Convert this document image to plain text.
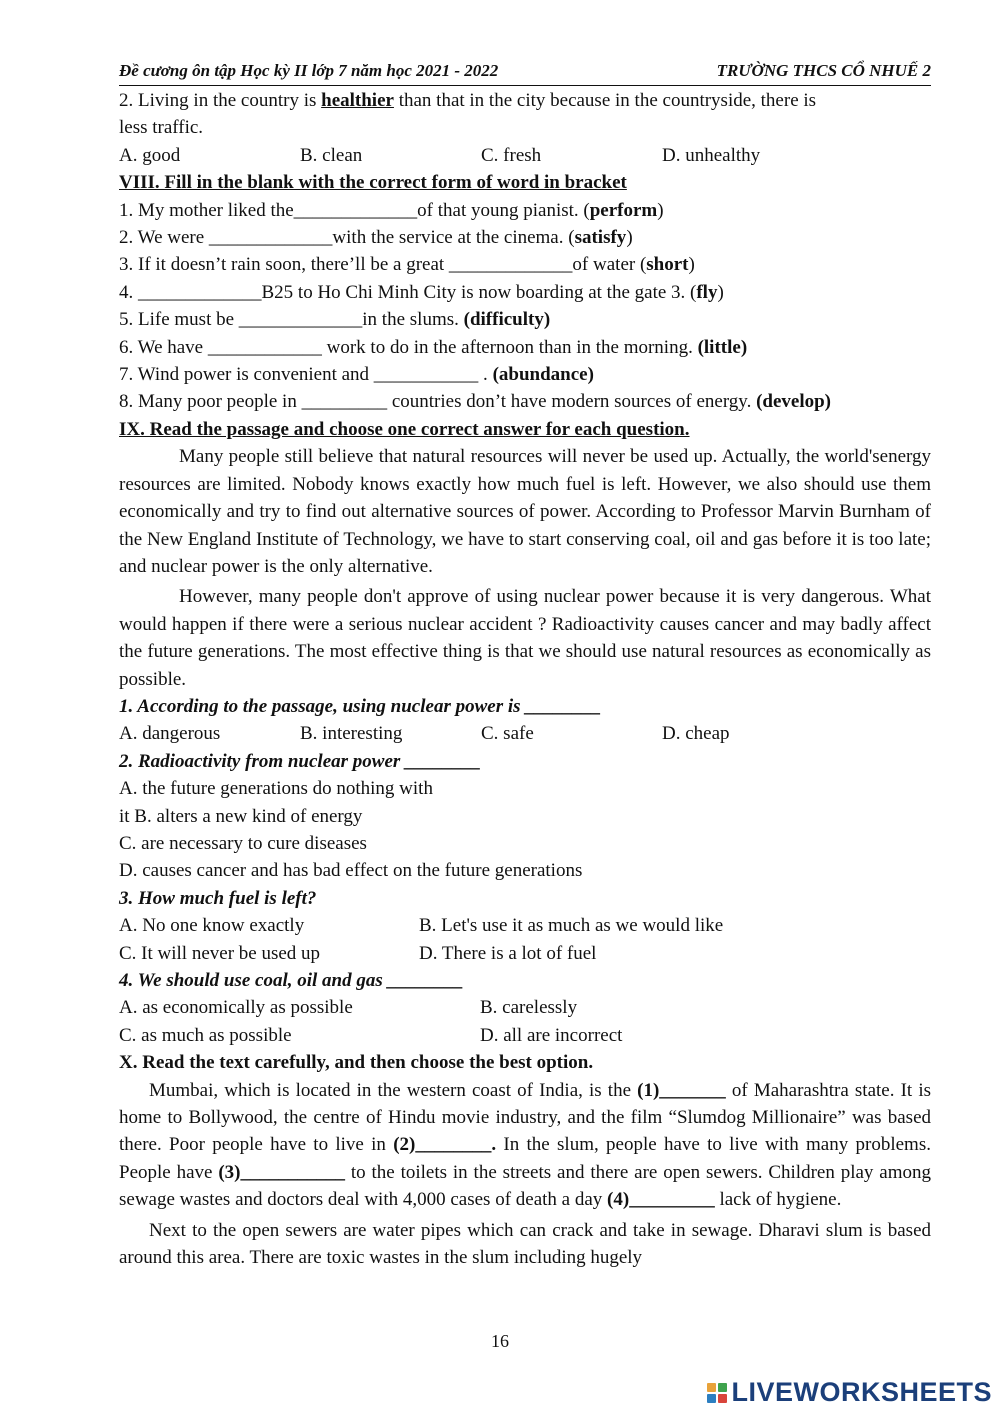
Đề cương ôn tập Học kỳ II lớp 7 năm học 2021 - 2022	TRƯỜNG THCS CỔ NHUẾ 2
2. Living in the country is healthier than that in the city because in the countryside, there is
less traffic.
A. good	B. clean	C. fresh	D. unhealthy
VIII. Fill in the blank with the correct form of word in bracket
1. My mother liked the_____________of that young pianist. (perform)
2. We were _____________with the service at the cinema. (satisfy)
3. If it doesn’t rain soon, there’ll be a great _____________of water (short)
4. _____________B25 to Ho Chi Minh City is now boarding at the gate 3. (fly)
5. Life must be _____________in the slums. (difficulty)
6. We have ____________ work to do in the afternoon than in the morning. (little)
7. Wind power is convenient and ___________ . (abundance)
8. Many poor people in _________ countries don’t have modern sources of energy. (develop)
IX. Read the passage and choose one correct answer for each question.

Many people still believe that natural resources will never be used up. Actually, the world'senergy resources are limited. Nobody knows exactly how much fuel is left. However, we also should use them economically and try to find out alternative sources of power. According to Professor Marvin Burnham of the New England Institute of Technology, we have to start conserving coal, oil and gas before it is too late; and nuclear power is the only alternative.

However, many people don't approve of using nuclear power because it is very dangerous. What would happen if there were a serious nuclear accident ? Radioactivity causes cancer and may badly affect the future generations. The most effective thing is that we should use natural resources as economically as possible.

1. According to the passage, using nuclear power is ________
A. dangerous	B. interesting	C. safe	D. cheap
2. Radioactivity from nuclear power ________
A. the future generations do nothing with
it B. alters a new kind of energy
C. are necessary to cure diseases
D. causes cancer and has bad effect on the future generations
3. How much fuel is left?
A. No one know exactly	B. Let's use it as much as we would like
C. It will never be used up	D. There is a lot of fuel
4. We should use coal, oil and gas ________
A. as economically as possible	B. carelessly
C. as much as possible	D. all are incorrect
X. Read the text carefully, and then choose the best option.

Mumbai, which is located in the western coast of India, is the (1)_______ of Maharashtra state. It is home to Bollywood, the centre of Hindu movie industry, and the film “Slumdog Millionaire” was based there. Poor people have to live in (2)________. In the slum, people have to live with many problems. People have (3)___________ to the toilets in the streets and there are open sewers. Children play among sewage wastes and doctors deal with 4,000 cases of death a day (4)_________ lack of hygiene.

Next to the open sewers are water pipes which can crack and take in sewage. Dharavi slum is based around this area. There are toxic wastes in the slum including hugely

16
LIVEWORKSHEETS
